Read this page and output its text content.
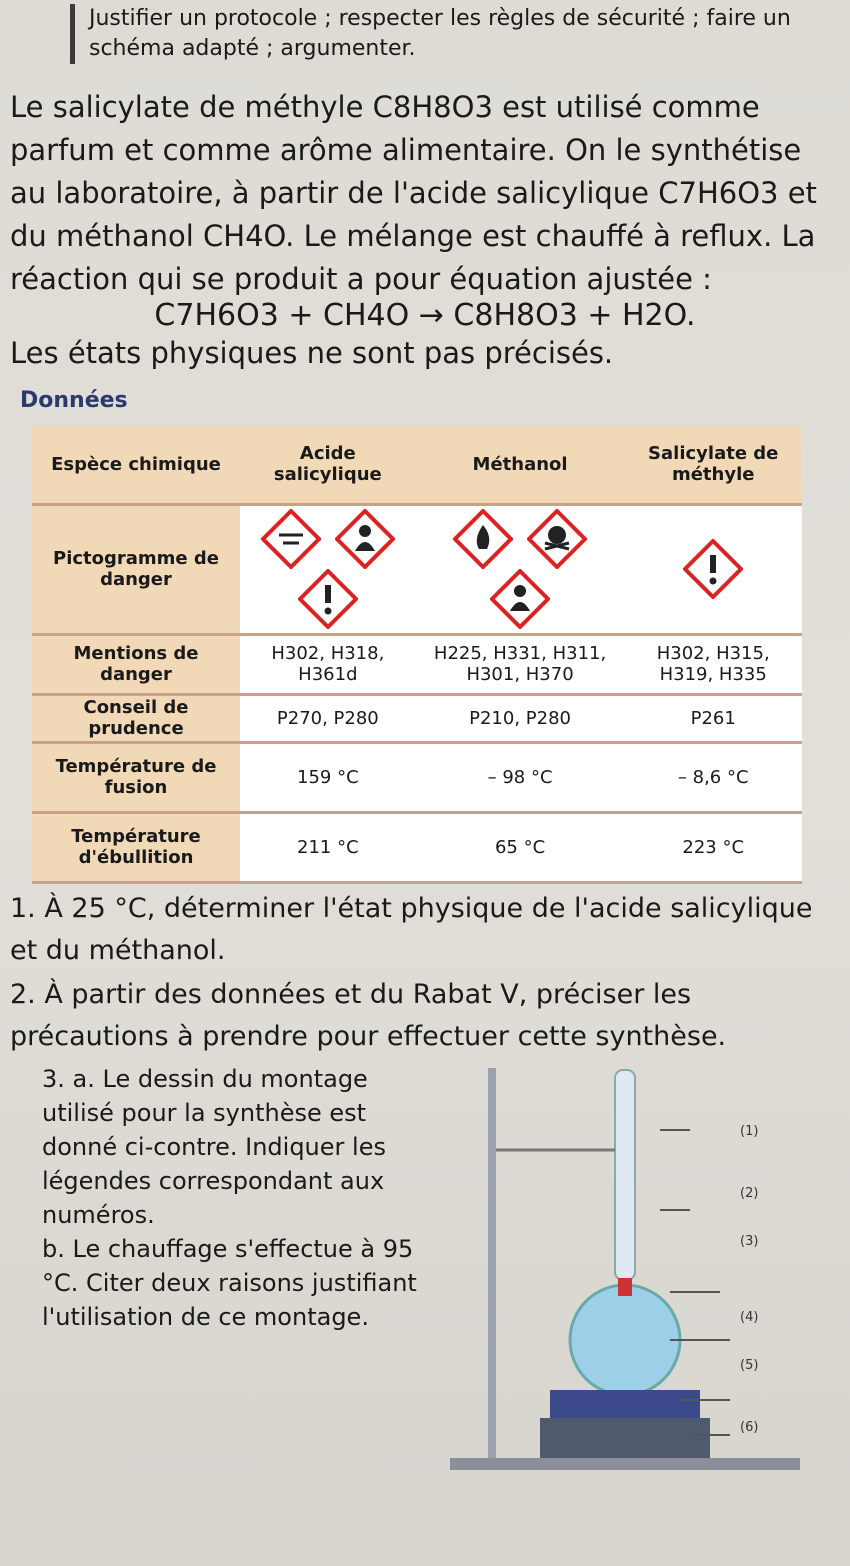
Justifier un protocole ; respecter les règles de sécurité ; faire un schéma adapté ; argumenter.
Le salicylate de méthyle C8H8O3 est utilisé comme parfum et comme arôme alimentaire. On le synthétise au laboratoire, à partir de l'acide salicylique C7H6O3 et du méthanol CH4O. Le mélange est chauffé à reflux. La réaction qui se produit a pour équation ajustée :
C7H6O3 + CH4O → C8H8O3 + H2O.
Les états physiques ne sont pas précisés.
Données
Espèce chimique	Acide salicylique	Méthanol	Salicylate de méthyle
Pictogramme de danger			
Mentions de danger	H302, H318, H361d	H225, H331, H311, H301, H370	H302, H315, H319, H335
Conseil de prudence	P270, P280	P210, P280	P261
Température de fusion	159 °C	– 98 °C	– 8,6 °C
Température d'ébullition	211 °C	65 °C	223 °C
1. À 25 °C, déterminer l'état physique de l'acide salicylique et du méthanol.
2. À partir des données et du Rabat V, préciser les précautions à prendre pour effectuer cette synthèse.
3. a. Le dessin du montage utilisé pour la synthèse est donné ci-contre. Indiquer les légendes correspondant aux numéros.
b. Le chauffage s'effectue à 95 °C. Citer deux raisons justifiant l'utilisation de ce montage.
(1)
(2)
(3)
(4)
(5)
(6)
